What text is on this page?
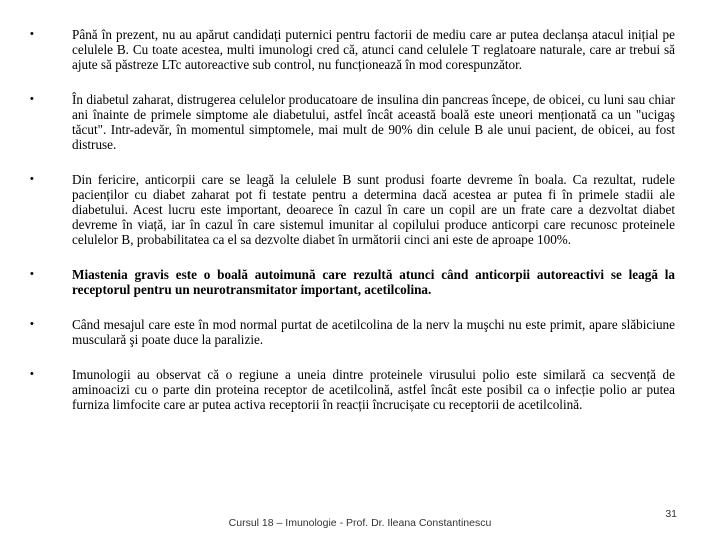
•	Până în prezent, nu au apărut candidați puternici pentru factorii de mediu care ar putea declanșa atacul inițial pe celulele B. Cu toate acestea, multi imunologi cred că, atunci cand celulele T reglatoare naturale, care ar trebui să ajute să păstreze LTc autoreactive sub control, nu funcționează în mod corespunzător.
•	În diabetul zaharat, distrugerea celulelor producatoare de insulina din pancreas începe, de obicei, cu luni sau chiar ani înainte de primele simptome ale diabetului, astfel încât această boală este uneori menționată ca un "ucigaş tăcut". Intr-adevăr, în momentul simptomele, mai mult de 90% din celule B ale unui pacient, de obicei, au fost distruse.
•	Din fericire, anticorpii care se leagă la celulele B sunt produsi foarte devreme în boala. Ca rezultat, rudele pacienților cu diabet zaharat pot fi testate pentru a determina dacă acestea ar putea fi în primele stadii ale diabetului. Acest lucru este important, deoarece în cazul în care un copil are un frate care a dezvoltat diabet devreme în viață, iar în cazul în care sistemul imunitar al copilului produce anticorpi care recunosc proteinele celulelor B, probabilitatea ca el sa dezvolte diabet în următorii cinci ani este de aproape 100%.
•	Miastenia gravis este o boală autoimună care rezultă atunci când anticorpii autoreactivi se leagă la receptorul pentru un neurotransmitator important, acetilcolina.
•	Când mesajul care este în mod normal purtat de acetilcolina de la nerv la muşchi nu este primit, apare slăbiciune musculară şi poate duce la paralizie.
•	Imunologii au observat că o regiune a uneia dintre proteinele virusului polio este similară ca secvență de aminoacizi cu o parte din proteina receptor de acetilcolină, astfel încât este posibil ca o infecție polio ar putea furniza limfocite care ar putea activa receptorii în reacții încrucișate cu receptorii de acetilcolină.
Cursul 18 – Imunologie - Prof. Dr. Ileana Constantinescu
31
